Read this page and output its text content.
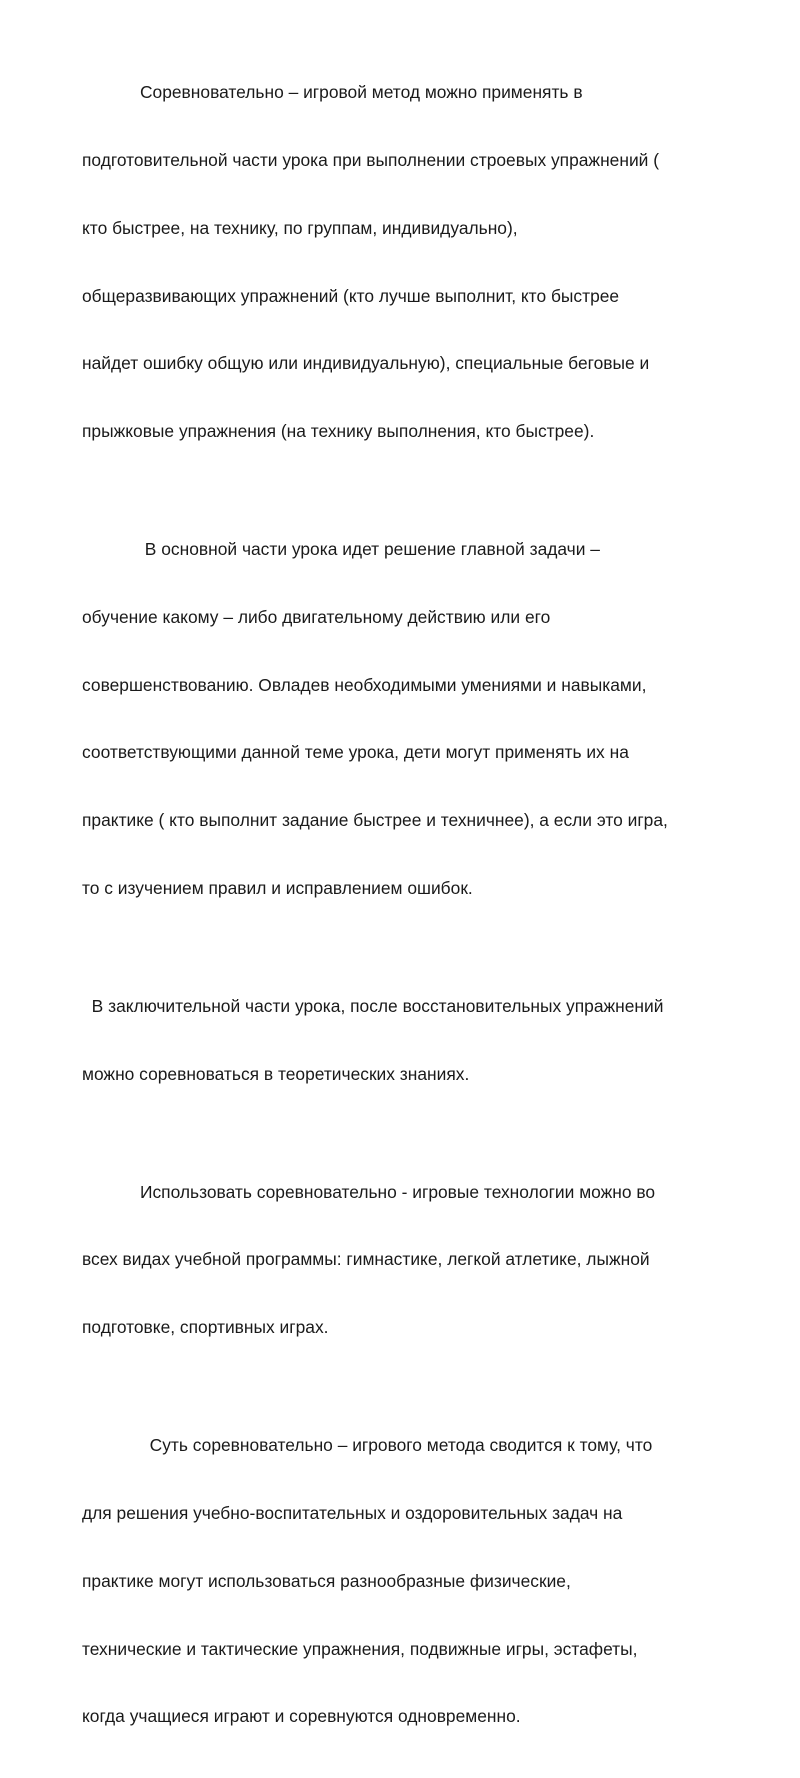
Соревновательно – игровой метод можно применять в

подготовительной части урока при выполнении строевых упражнений (

кто быстрее, на технику, по группам, индивидуально),

общеразвивающих упражнений (кто лучше выполнит, кто быстрее

найдет ошибку общую или индивидуальную), специальные беговые и

прыжковые упражнения (на технику выполнения, кто быстрее).

В основной части урока идет решение главной задачи –

обучение какому – либо двигательному действию или его

совершенствованию. Овладев необходимыми умениями и навыками,

соответствующими данной теме урока, дети могут применять их на

практике ( кто выполнит задание быстрее и техничнее), а если это игра,

то с изучением правил и исправлением ошибок.

В заключительной части урока, после восстановительных упражнений

можно соревноваться в теоретических знаниях.

Использовать соревновательно - игровые технологии можно во

всех видах учебной программы: гимнастике, легкой атлетике, лыжной

подготовке, спортивных играх.

Суть соревновательно – игрового метода сводится к тому, что

для решения учебно-воспитательных и оздоровительных задач на

практике могут использоваться разнообразные физические,

технические и тактические упражнения, подвижные игры, эстафеты,

когда учащиеся играют и соревнуются одновременно.
